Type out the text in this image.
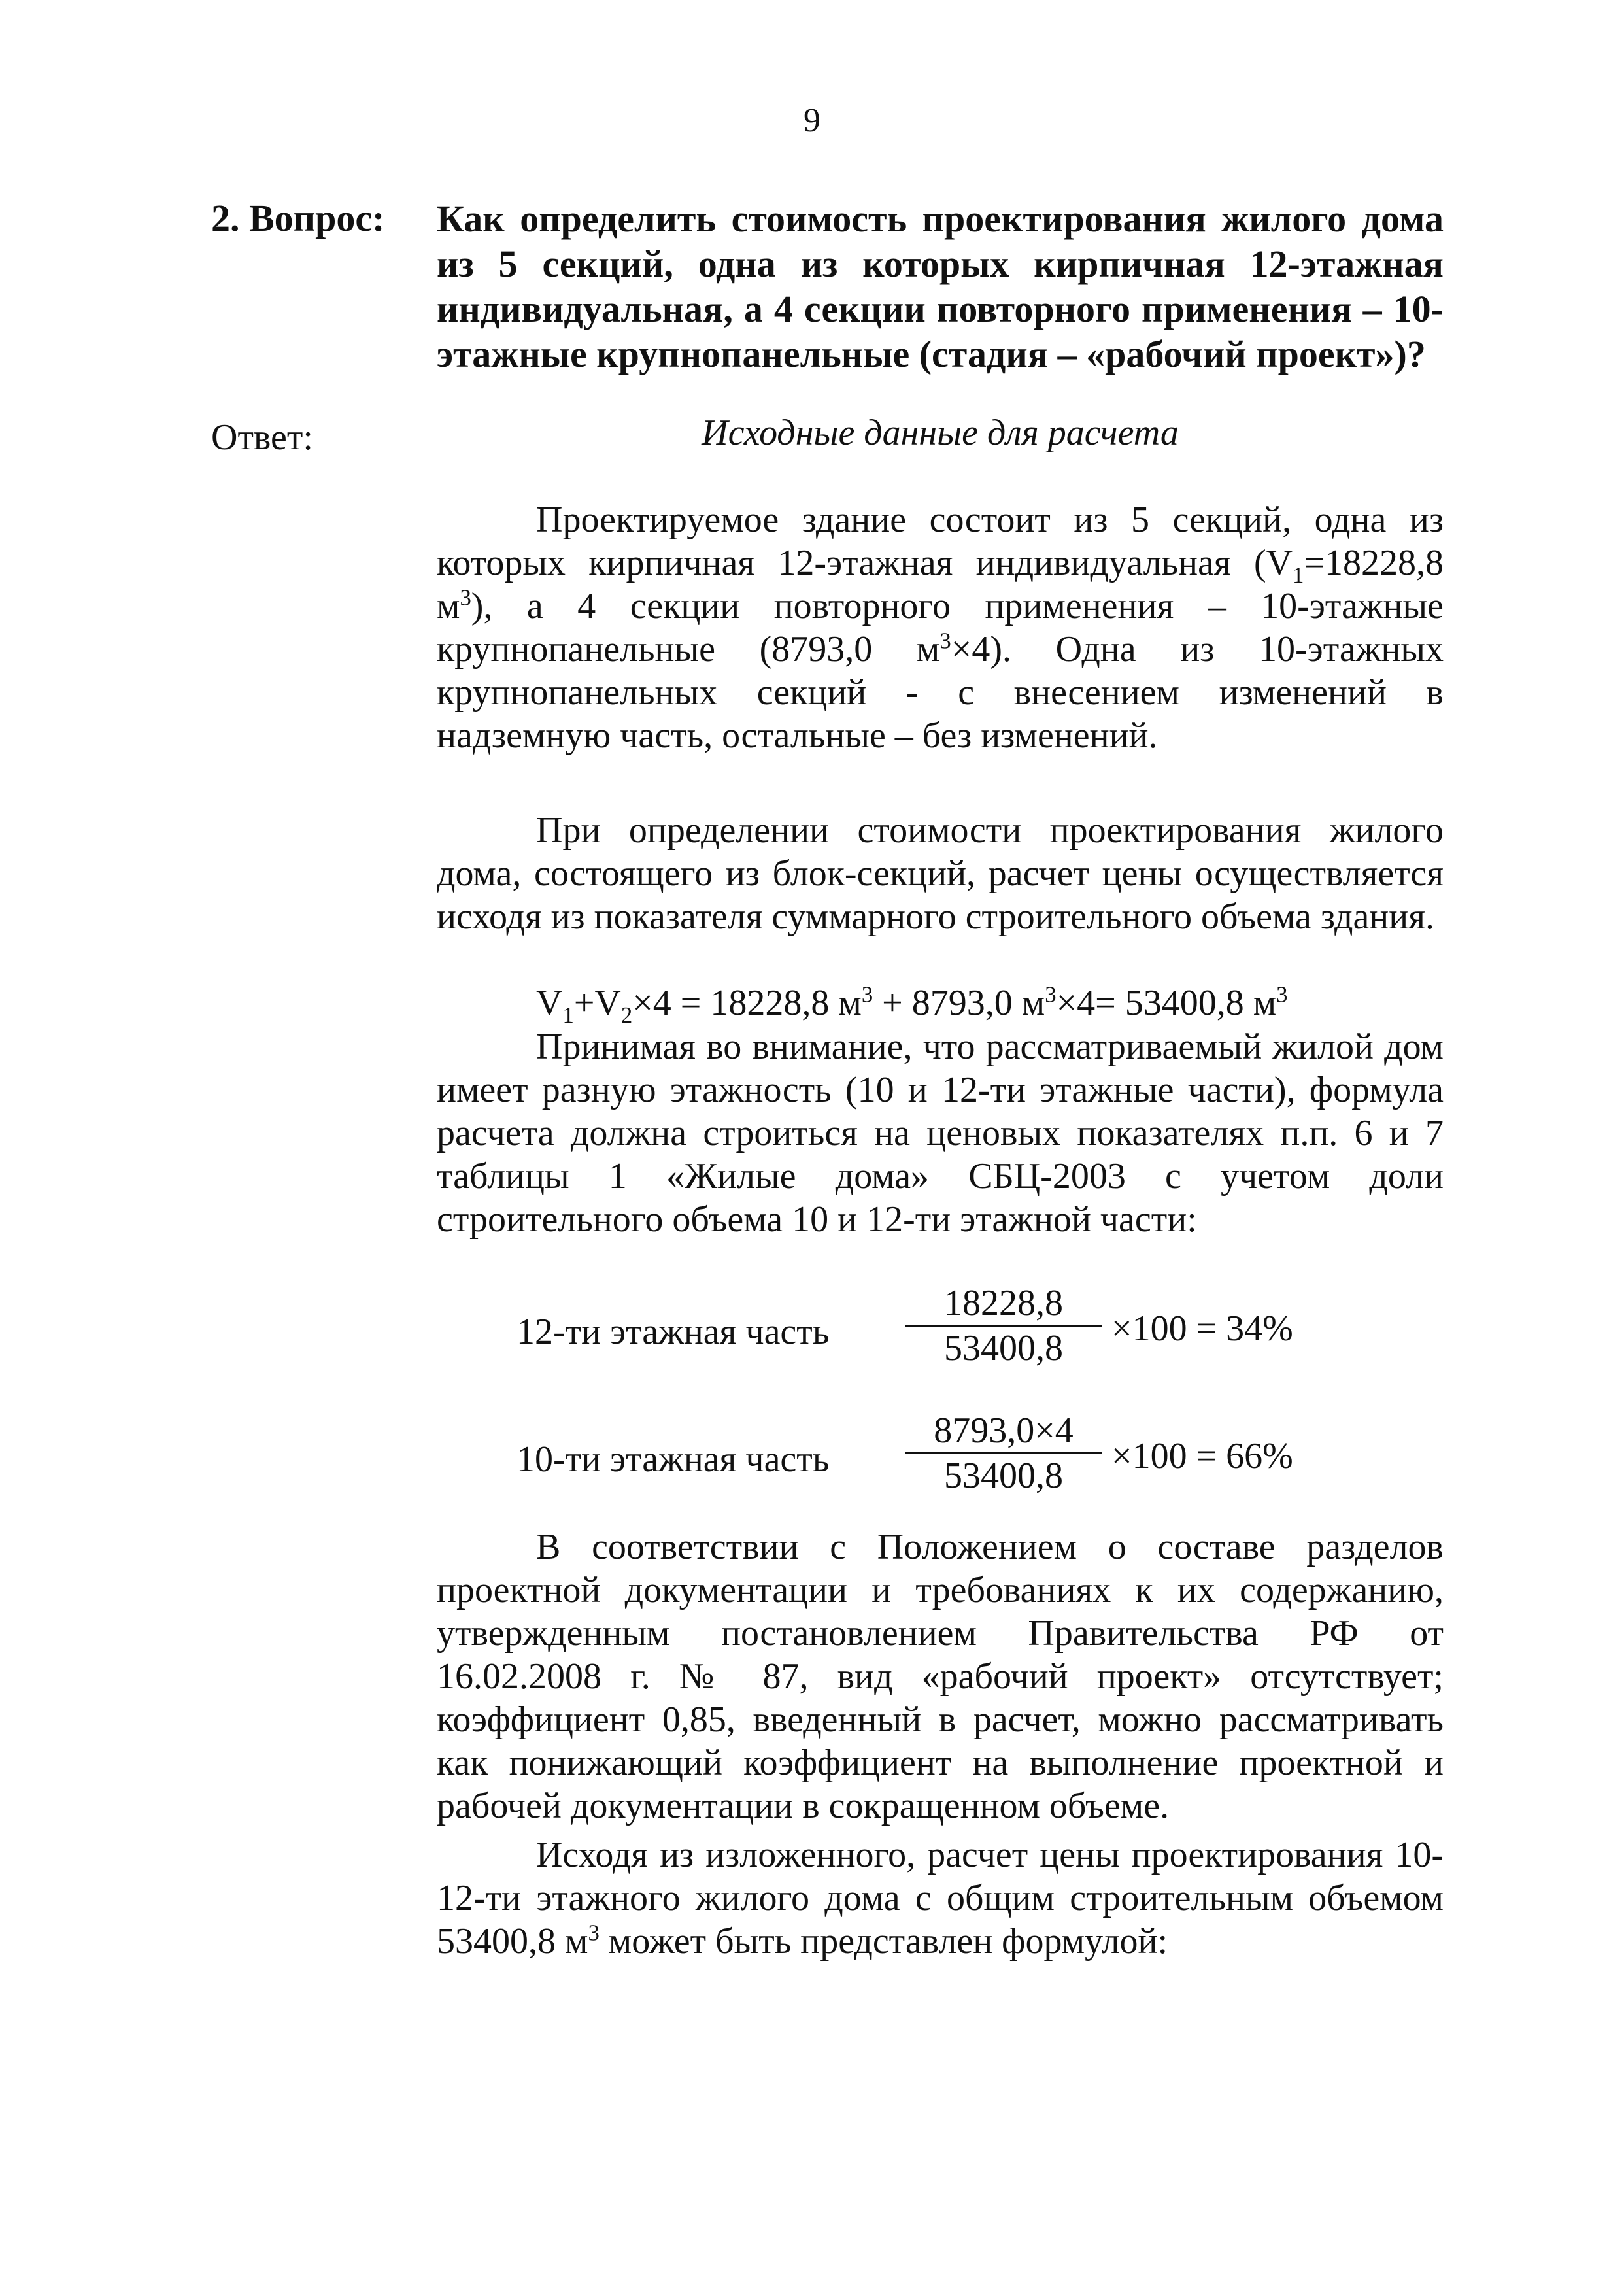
9
2. Вопрос: Как определить стоимость проектирования жилого дома из 5 секций, одна из которых кирпичная 12-этажная индивидуальная, а 4 секции повторного применения – 10-этажные крупнопанельные (стадия – «рабочий проект»)?
Ответ:	Исходные данные для расчета

Проектируемое здание состоит из 5 секций, одна из которых кирпичная 12-этажная индивидуальная ($V_1=18228,8$ $м^3$), а 4 секции повторного применения – 10-этажные крупнопанельные (8793,0 $м^3\times 4$). Одна из 10-этажных крупнопанельных секций - с внесением изменений в надземную часть, остальные – без изменений.

При определении стоимости проектирования жилого дома, состоящего из блок-секций, расчет цены осуществляется исходя из показателя суммарного строительного объема здания.

$V_1+V_2\times 4 = 18228,8$ $м^3 + 8793,0$ $м^3\times 4= 53400,8$ $м^3$

Принимая во внимание, что рассматриваемый жилой дом имеет разную этажность (10 и 12-ти этажные части), формула расчета должна строиться на ценовых показателях п.п. 6 и 7 таблицы 1 «Жилые дома» СБЦ-2003 с учетом доли строительного объема 10 и 12-ти этажной части:

12-ти этажная часть
18228,8
53400,8	×100 = 34%
10-ти этажная часть
8793,0×4
53400,8	×100 = 66%

В соответствии с Положением о составе разделов проектной документации и требованиях к их содержанию, утвержденным постановлением Правительства РФ от 16.02.2008 г. № 87, вид «рабочий проект» отсутствует; коэффициент 0,85, введенный в расчет, можно рассматривать как понижающий коэффициент на выполнение проектной и рабочей документации в сокращенном объеме.

Исходя из изложенного, расчет цены проектирования 10-12-ти этажного жилого дома с общим строительным объемом 53400,8 $м^3$ может быть представлен формулой:
